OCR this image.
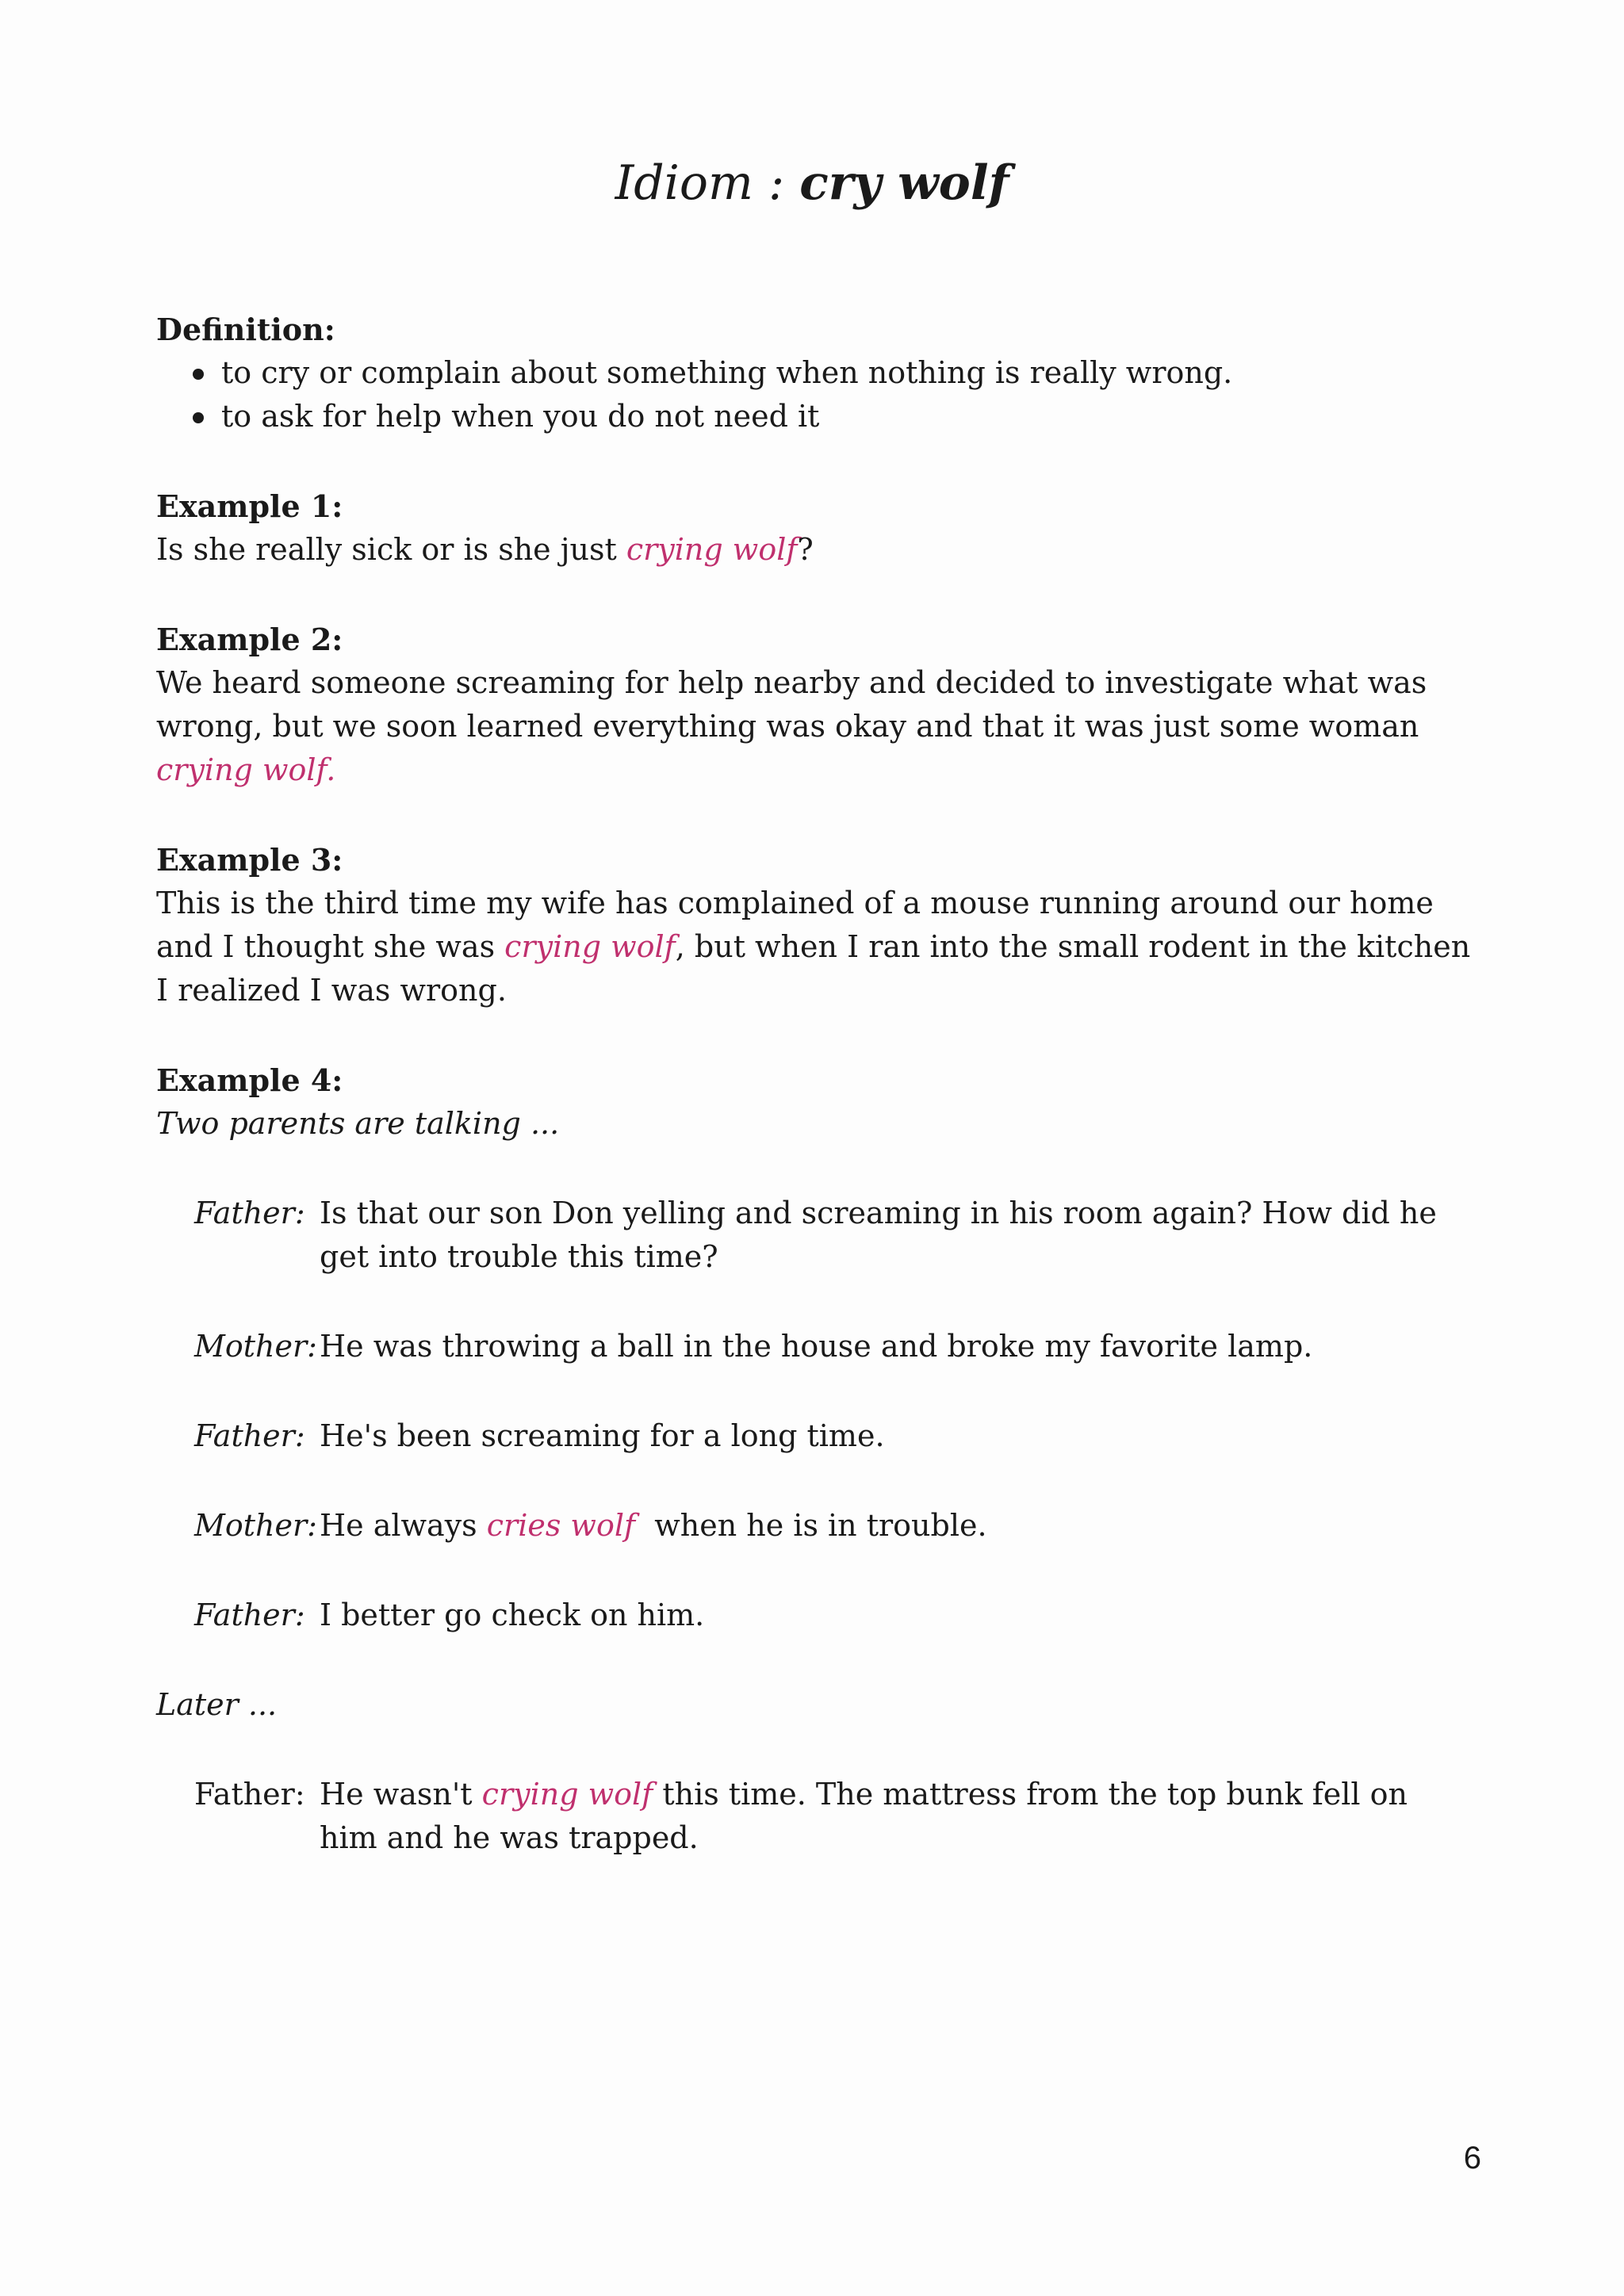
Idiom : cry wolf
Definition:
to cry or complain about something when nothing is really wrong.
to ask for help when you do not need it
Example 1:
Is she really sick or is she just crying wolf?
Example 2:
We heard someone screaming for help nearby and decided to investigate what was wrong, but we soon learned everything was okay and that it was just some woman crying wolf.
Example 3:
This is the third time my wife has complained of a mouse running around our home and I thought she was crying wolf, but when I ran into the small rodent in the kitchen I realized I was wrong.
Example 4:
Two parents are talking ...
Father: Is that our son Don yelling and screaming in his room again? How did he get into trouble this time?
Mother: He was throwing a ball in the house and broke my favorite lamp.
Father: He's been screaming for a long time.
Mother: He always cries wolf  when he is in trouble.
Father: I better go check on him.
Later ...
Father: He wasn't crying wolf this time. The mattress from the top bunk fell on him and he was trapped.
6
